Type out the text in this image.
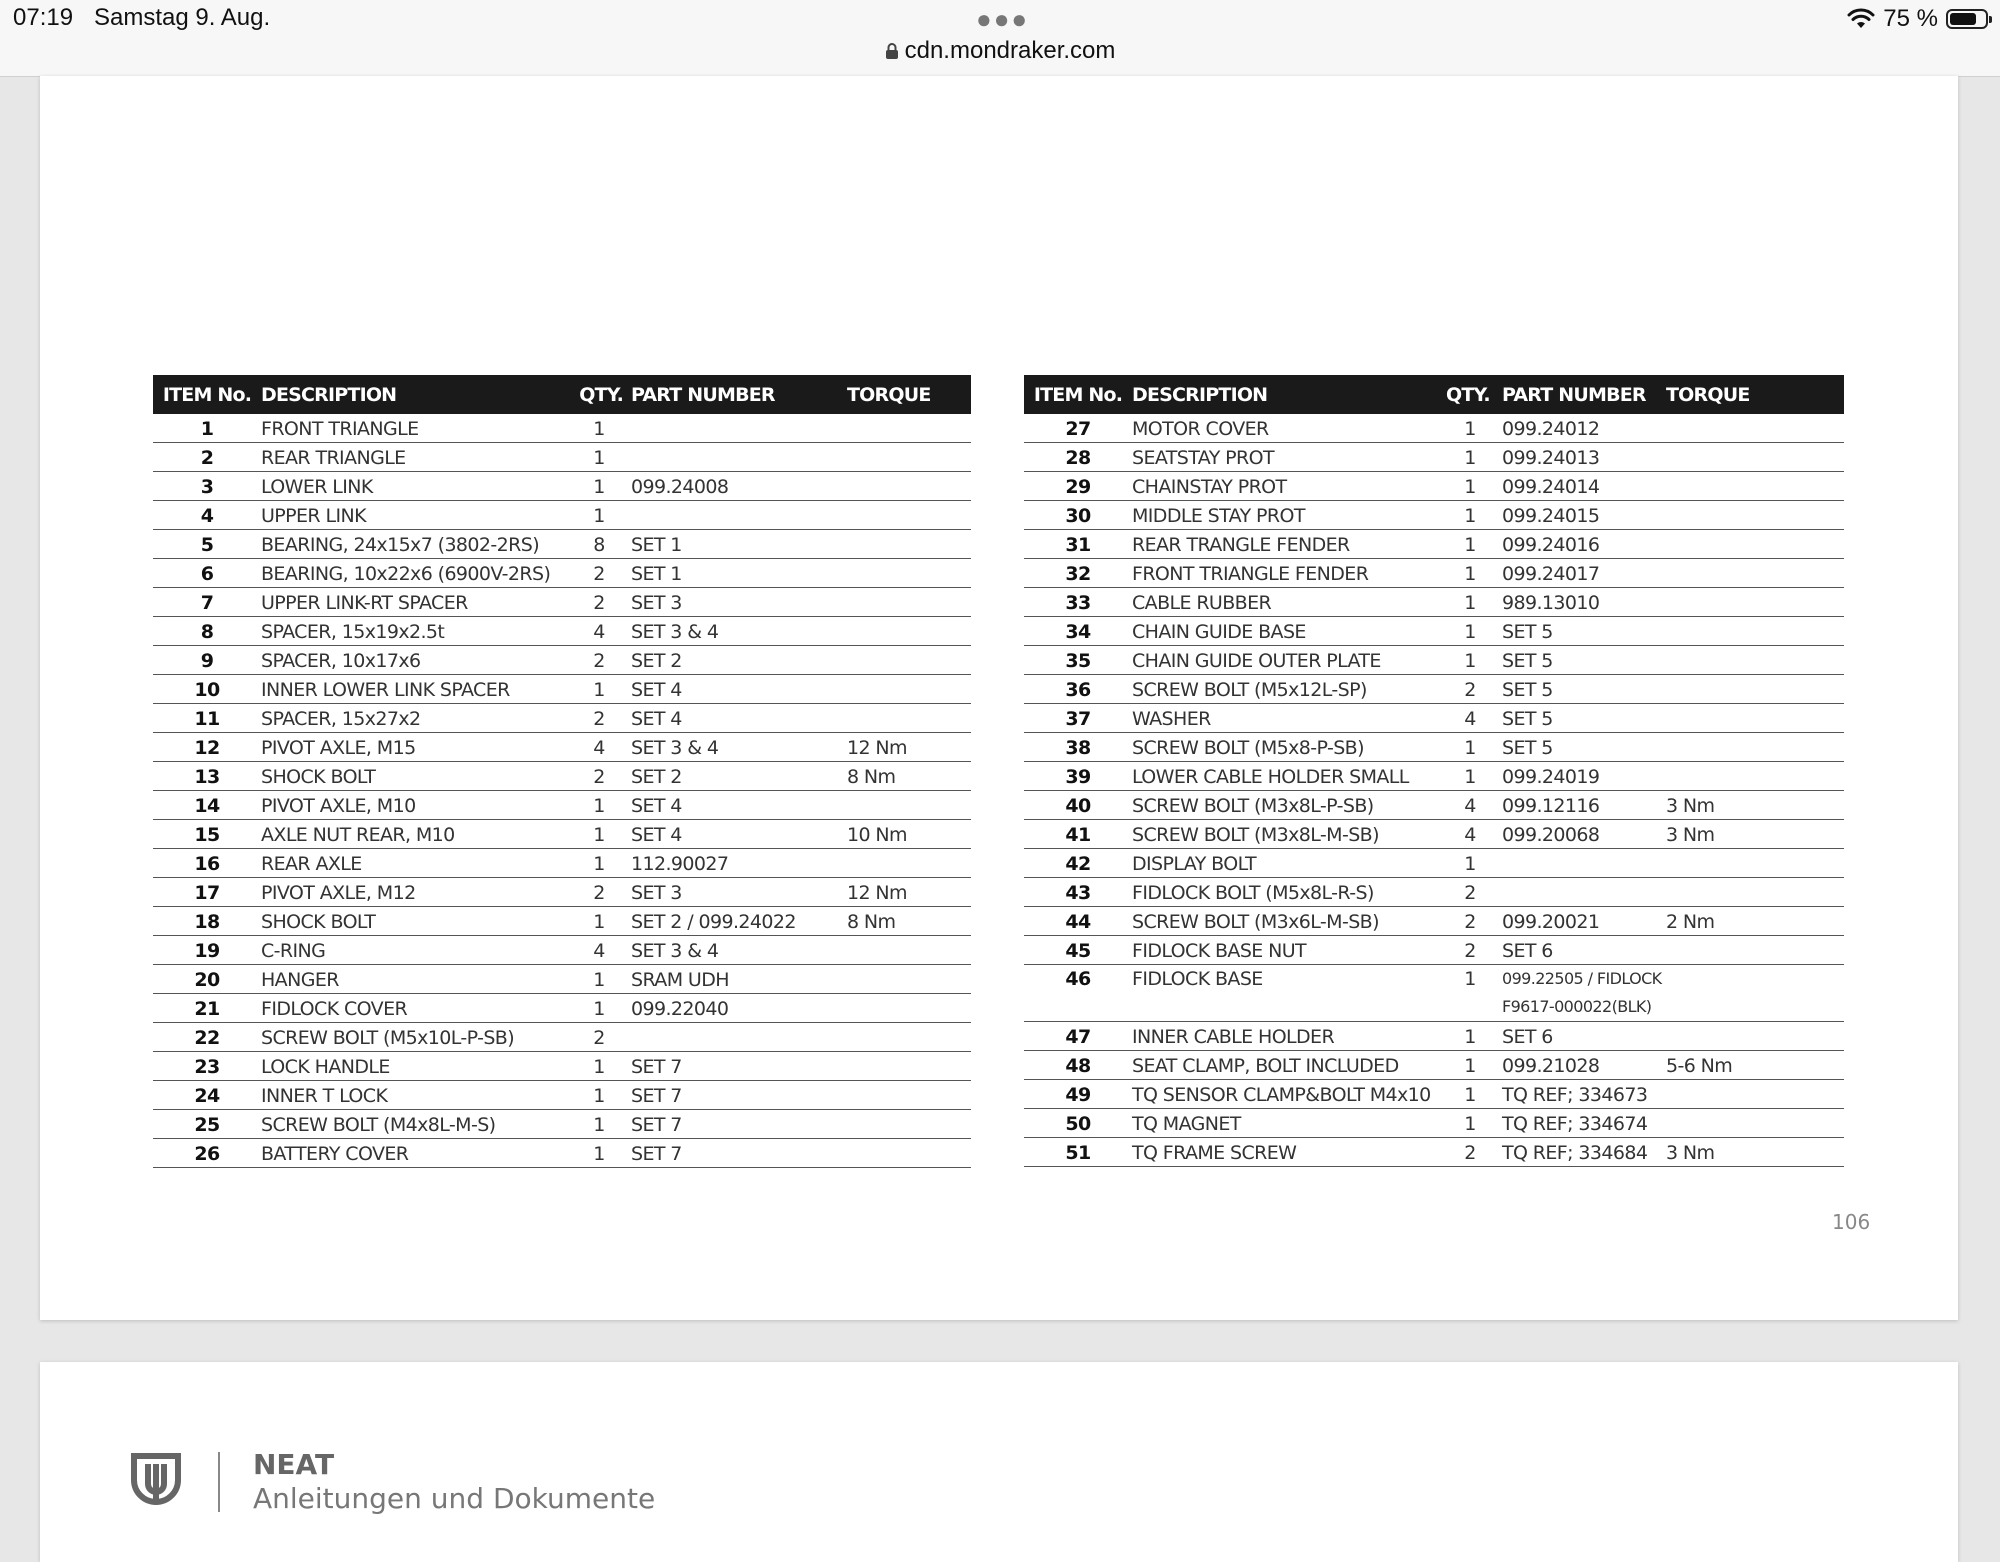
07:19 Samstag 9. Aug.	●●●	75 %
cdn.mondraker.com
ITEM No.	DESCRIPTION	QTY.	PART NUMBER	TORQUE
1	FRONT TRIANGLE	1		
2	REAR TRIANGLE	1		
3	LOWER LINK	1	099.24008	
4	UPPER LINK	1		
5	BEARING, 24x15x7 (3802-2RS)	8	SET 1	
6	BEARING, 10x22x6 (6900V-2RS)	2	SET 1	
7	UPPER LINK-RT SPACER	2	SET 3	
8	SPACER, 15x19x2.5t	4	SET 3 & 4	
9	SPACER, 10x17x6	2	SET 2	
10	INNER LOWER LINK SPACER	1	SET 4	
11	SPACER, 15x27x2	2	SET 4	
12	PIVOT AXLE, M15	4	SET 3 & 4	12 Nm
13	SHOCK BOLT	2	SET 2	8 Nm
14	PIVOT AXLE, M10	1	SET 4	
15	AXLE NUT REAR, M10	1	SET 4	10 Nm
16	REAR AXLE	1	112.90027	
17	PIVOT AXLE, M12	2	SET 3	12 Nm
18	SHOCK BOLT	1	SET 2 / 099.24022	8 Nm
19	C-RING	4	SET 3 & 4	
20	HANGER	1	SRAM UDH	
21	FIDLOCK COVER	1	099.22040	
22	SCREW BOLT (M5x10L-P-SB)	2		
23	LOCK HANDLE	1	SET 7	
24	INNER T LOCK	1	SET 7	
25	SCREW BOLT (M4x8L-M-S)	1	SET 7	
26	BATTERY COVER	1	SET 7	
ITEM No.	DESCRIPTION	QTY.	PART NUMBER	TORQUE
27	MOTOR COVER	1	099.24012	
28	SEATSTAY PROT	1	099.24013	
29	CHAINSTAY PROT	1	099.24014	
30	MIDDLE STAY PROT	1	099.24015	
31	REAR TRANGLE FENDER	1	099.24016	
32	FRONT TRIANGLE FENDER	1	099.24017	
33	CABLE RUBBER	1	989.13010	
34	CHAIN GUIDE BASE	1	SET 5	
35	CHAIN GUIDE OUTER PLATE	1	SET 5	
36	SCREW BOLT (M5x12L-SP)	2	SET 5	
37	WASHER	4	SET 5	
38	SCREW BOLT (M5x8-P-SB)	1	SET 5	
39	LOWER CABLE HOLDER SMALL	1	099.24019	
40	SCREW BOLT (M3x8L-P-SB)	4	099.12116	3 Nm
41	SCREW BOLT (M3x8L-M-SB)	4	099.20068	3 Nm
42	DISPLAY BOLT	1		
43	FIDLOCK BOLT (M5x8L-R-S)	2		
44	SCREW BOLT (M3x6L-M-SB)	2	099.20021	2 Nm
45	FIDLOCK BASE NUT	2	SET 6	
46	FIDLOCK BASE	1	099.22505 / FIDLOCK
F9617-000022(BLK)	

47	INNER CABLE HOLDER	1	SET 6	
48	SEAT CLAMP, BOLT INCLUDED	1	099.21028	5-6 Nm
49	TQ SENSOR CLAMP&BOLT M4x10	1	TQ REF; 334673	
50	TQ MAGNET	1	TQ REF; 334674	
51	TQ FRAME SCREW	2	TQ REF; 334684	3 Nm
106
NEAT
Anleitungen und Dokumente
